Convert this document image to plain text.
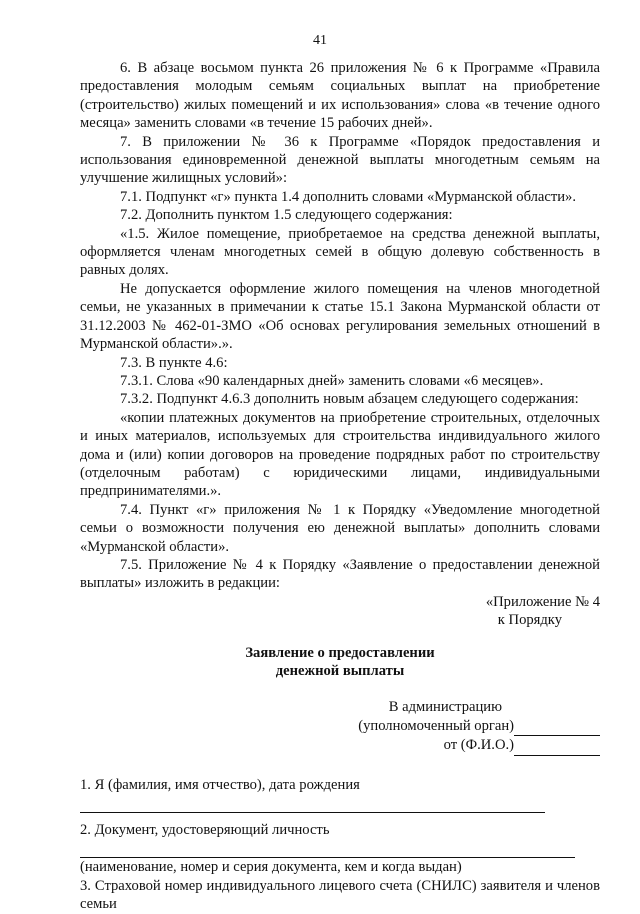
41

6. В абзаце восьмом пункта 26 приложения № 6 к Программе «Правила предоставления молодым семьям социальных выплат на приобретение (строительство) жилых помещений и их использования» слова «в течение одного месяца» заменить словами «в течение 15 рабочих дней».

7. В приложении № 36 к Программе «Порядок предоставления и использования единовременной денежной выплаты многодетным семьям на улучшение жилищных условий»:

7.1. Подпункт «г» пункта 1.4 дополнить словами «Мурманской области».

7.2. Дополнить пунктом 1.5 следующего содержания:

«1.5. Жилое помещение, приобретаемое на средства денежной выплаты, оформляется членам многодетных семей в общую долевую собственность в равных долях.

Не допускается оформление жилого помещения на членов многодетной семьи, не указанных в примечании к статье 15.1 Закона Мурманской области от 31.12.2003 № 462-01-ЗМО «Об основах регулирования земельных отношений в Мурманской области».».

7.3. В пункте 4.6:

7.3.1. Слова «90 календарных дней» заменить словами «6 месяцев».

7.3.2. Подпункт 4.6.3 дополнить новым абзацем следующего содержания:

«копии платежных документов на приобретение строительных, отделочных и иных материалов, используемых для строительства индивидуального жилого дома и (или) копии договоров на проведение подрядных работ по строительству (отделочным работам) с юридическими лицами, индивидуальными предпринимателями.».

7.4. Пункт «г» приложения № 1 к Порядку «Уведомление многодетной семьи о возможности получения ею денежной выплаты» дополнить словами «Мурманской области».

7.5. Приложение № 4 к Порядку «Заявление о предоставлении денежной выплаты» изложить в редакции:

«Приложение № 4
к Порядку
Заявление о предоставлении
денежной выплаты
В администрацию
(уполномоченный орган)
от (Ф.И.О.)

1. Я (фамилия, имя отчество), дата рождения

2. Документ, удостоверяющий личность

(наименование, номер и серия документа, кем и когда выдан)

3. Страховой номер индивидуального лицевого счета (СНИЛС) заявителя и членов семьи
